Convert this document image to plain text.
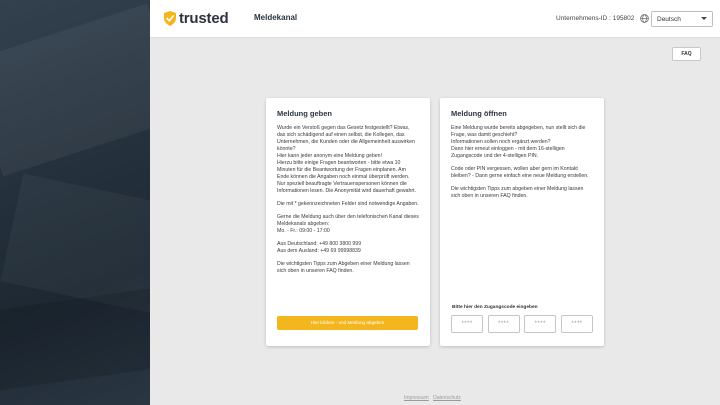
trusted	Meldekanal	Unternehmens-ID : 195802	Deutsch
FAQ
Meldung geben

Wurde ein Verstoß gegen das Gesetz festgestellt? Etwas, das sich schädigend auf einen selbst, die Kollegen, das Unternehmen, die Kunden oder die Allgemeinheit auswirken könnte?
Hier kann jeder anonym eine Meldung geben!
Hierzu bitte einige Fragen beantworten - bitte etwa 10 Minuten für die Beantwortung der Fragen einplanen. Am Ende können die Angaben noch einmal überprüft werden. Nur speziell beauftragte Vertrauenspersonen können die Informationen lesen. Die Anonymität wird dauerhaft gewahrt.

Die mit * gekennzeichneten Felder sind notwendige Angaben.

Gerne die Meldung auch über den telefonischen Kanal dieses Meldekanals abgeben:
Mo. - Fr.: 09:00 - 17:00

Aus Deutschland: +49 800 3800 999
Aus dem Ausland: +49 69 99998839

Die wichtigsten Tipps zum Abgeben einer Meldung lassen sich oben in unseren FAQ finden.

Hier klicken - und Meldung abgeben
Meldung öffnen

Eine Meldung wurde bereits abgegeben, nun stellt sich die Frage, was damit geschieht?
Informationen sollen noch ergänzt werden?
Dann hier erneut einloggen - mit dem 16-stelligen Zugangscode und der 4-stelligen PIN.

Code oder PIN vergessen, wollen aber gern im Kontakt bleiben? - Dann gerne einfach eine neue Meldung erstellen.

Die wichtigsten Tipps zum abgeben einer Meldung lassen sich oben in unseren FAQ finden.

Bitte hier den Zugangscode eingeben
****	****	****	****
Impressum Datenschutz
